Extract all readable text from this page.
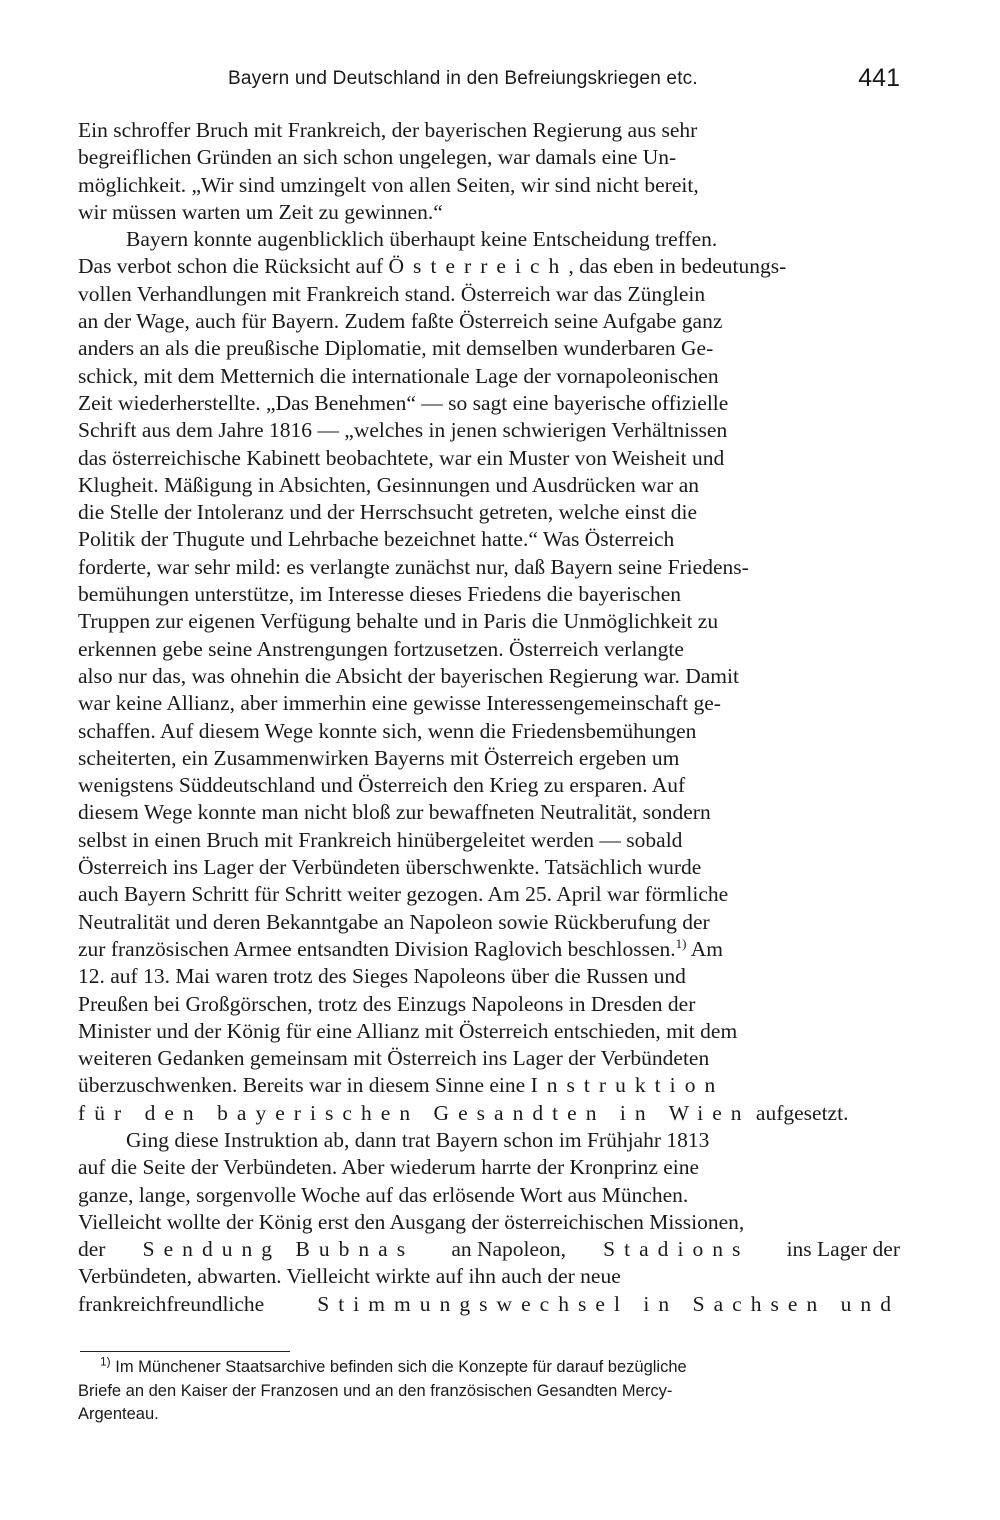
Bayern und Deutschland in den Befreiungskriegen etc.	441
Ein schroffer Bruch mit Frankreich, der bayerischen Regierung aus sehr
begreiflichen Gründen an sich schon ungelegen, war damals eine Un-
möglichkeit. „Wir sind umzingelt von allen Seiten, wir sind nicht bereit,
wir müssen warten um Zeit zu gewinnen.“
Bayern konnte augenblicklich überhaupt keine Entscheidung treffen.
Das verbot schon die Rücksicht auf Österreich, das eben in bedeutungs-
vollen Verhandlungen mit Frankreich stand. Österreich war das Zünglein
an der Wage, auch für Bayern. Zudem faßte Österreich seine Aufgabe ganz
anders an als die preußische Diplomatie, mit demselben wunderbaren Ge-
schick, mit dem Metternich die internationale Lage der vornapoleonischen
Zeit wiederherstellte. „Das Benehmen“ — so sagt eine bayerische offizielle
Schrift aus dem Jahre 1816 — „welches in jenen schwierigen Verhältnissen
das österreichische Kabinett beobachtete, war ein Muster von Weisheit und
Klugheit. Mäßigung in Absichten, Gesinnungen und Ausdrücken war an
die Stelle der Intoleranz und der Herrschsucht getreten, welche einst die
Politik der Thugute und Lehrbache bezeichnet hatte.“ Was Österreich
forderte, war sehr mild: es verlangte zunächst nur, daß Bayern seine Friedens-
bemühungen unterstütze, im Interesse dieses Friedens die bayerischen
Truppen zur eigenen Verfügung behalte und in Paris die Unmöglichkeit zu
erkennen gebe seine Anstrengungen fortzusetzen. Österreich verlangte
also nur das, was ohnehin die Absicht der bayerischen Regierung war. Damit
war keine Allianz, aber immerhin eine gewisse Interessengemeinschaft ge-
schaffen. Auf diesem Wege konnte sich, wenn die Friedensbemühungen
scheiterten, ein Zusammenwirken Bayerns mit Österreich ergeben um
wenigstens Süddeutschland und Österreich den Krieg zu ersparen. Auf
diesem Wege konnte man nicht bloß zur bewaffneten Neutralität, sondern
selbst in einen Bruch mit Frankreich hinübergeleitet werden — sobald
Österreich ins Lager der Verbündeten überschwenkte. Tatsächlich wurde
auch Bayern Schritt für Schritt weiter gezogen. Am 25. April war förmliche
Neutralität und deren Bekanntgabe an Napoleon sowie Rückberufung der
zur französischen Armee entsandten Division Raglovich beschlossen.$^{1)}$ Am
12. auf 13. Mai waren trotz des Sieges Napoleons über die Russen und
Preußen bei Großgörschen, trotz des Einzugs Napoleons in Dresden der
Minister und der König für eine Allianz mit Österreich entschieden, mit dem
weiteren Gedanken gemeinsam mit Österreich ins Lager der Verbündeten
überzuschwenken. Bereits war in diesem Sinne eine Instruktion
für den bayerischen Gesandten in Wien aufgesetzt.
Ging diese Instruktion ab, dann trat Bayern schon im Frühjahr 1813
auf die Seite der Verbündeten. Aber wiederum harrte der Kronprinz eine
ganze, lange, sorgenvolle Woche auf das erlösende Wort aus München.
Vielleicht wollte der König erst den Ausgang der österreichischen Missionen,
der Sendung Bubnas an Napoleon, Stadions ins Lager der
Verbündeten, abwarten. Vielleicht wirkte auf ihn auch der neue
frankreichfreundliche Stimmungswechsel in Sachsen und
$^{1)}$ Im Münchener Staatsarchive befinden sich die Konzepte für darauf bezügliche
Briefe an den Kaiser der Franzosen und an den französischen Gesandten Mercy-
Argenteau.
